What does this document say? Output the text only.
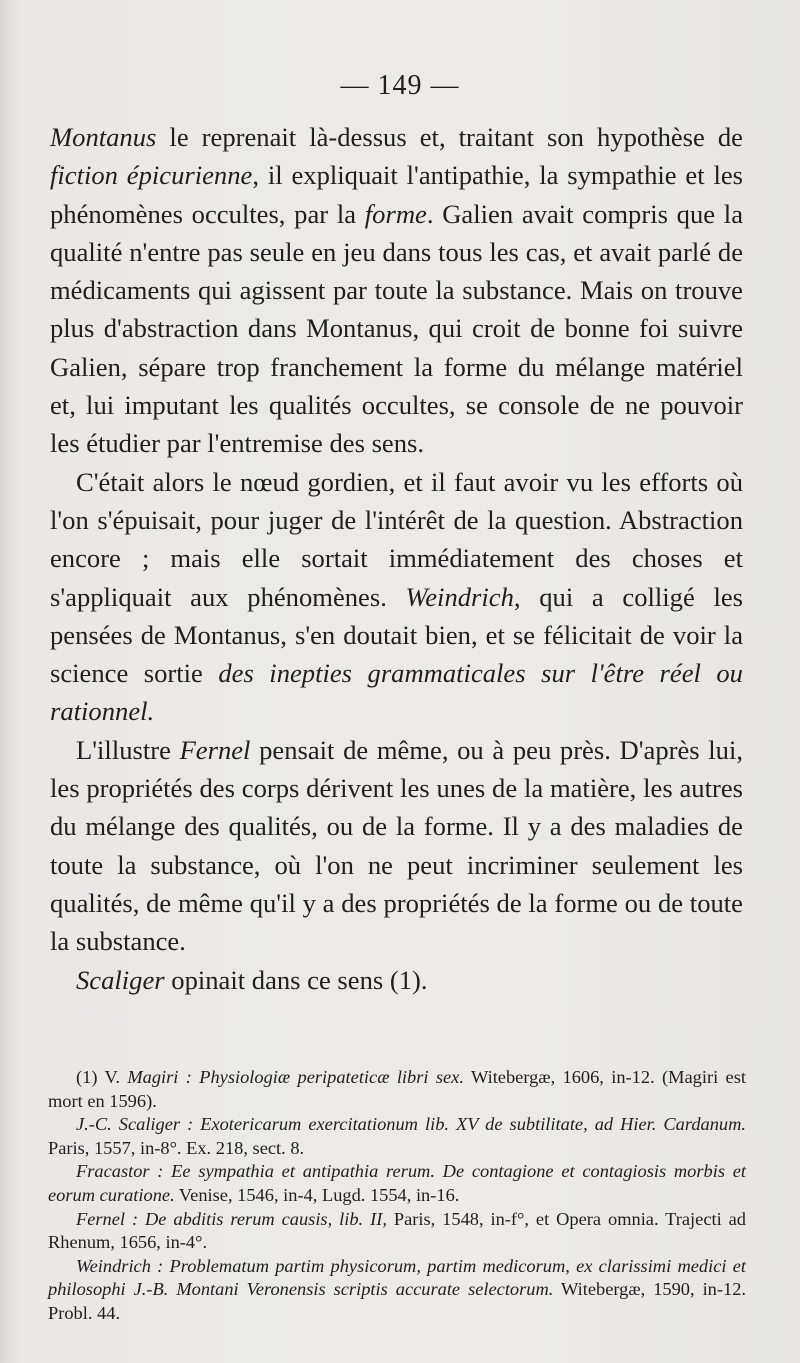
— 149 —

Montanus le reprenait là-dessus et, traitant son hypothèse de fiction épicurienne, il expliquait l'antipathie, la sympathie et les phénomènes occultes, par la forme. Galien avait compris que la qualité n'entre pas seule en jeu dans tous les cas, et avait parlé de médicaments qui agissent par toute la substance. Mais on trouve plus d'abstraction dans Montanus, qui croit de bonne foi suivre Galien, sépare trop franchement la forme du mélange matériel et, lui imputant les qualités occultes, se console de ne pouvoir les étudier par l'entremise des sens.

C'était alors le nœud gordien, et il faut avoir vu les efforts où l'on s'épuisait, pour juger de l'intérêt de la question. Abstraction encore ; mais elle sortait immédiatement des choses et s'appliquait aux phénomènes. Weindrich, qui a colligé les pensées de Montanus, s'en doutait bien, et se félicitait de voir la science sortie des inepties grammaticales sur l'être réel ou rationnel.

L'illustre Fernel pensait de même, ou à peu près. D'après lui, les propriétés des corps dérivent les unes de la matière, les autres du mélange des qualités, ou de la forme. Il y a des maladies de toute la substance, où l'on ne peut incriminer seulement les qualités, de même qu'il y a des propriétés de la forme ou de toute la substance.

Scaliger opinait dans ce sens (1).

(1) V. Magiri : Physiologiæ peripateticæ libri sex. Witebergæ, 1606, in-12. (Magiri est mort en 1596).

J.-C. Scaliger : Exotericarum exercitationum lib. XV de subtilitate, ad Hier. Cardanum. Paris, 1557, in-8°. Ex. 218, sect. 8.

Fracastor : Ee sympathia et antipathia rerum. De contagione et contagiosis morbis et eorum curatione. Venise, 1546, in-4, Lugd. 1554, in-16.

Fernel : De abditis rerum causis, lib. II, Paris, 1548, in-f°, et Opera omnia. Trajecti ad Rhenum, 1656, in-4°.

Weindrich : Problematum partim physicorum, partim medicorum, ex clarissimi medici et philosophi J.-B. Montani Veronensis scriptis accurate selectorum. Witebergæ, 1590, in-12. Probl. 44.
